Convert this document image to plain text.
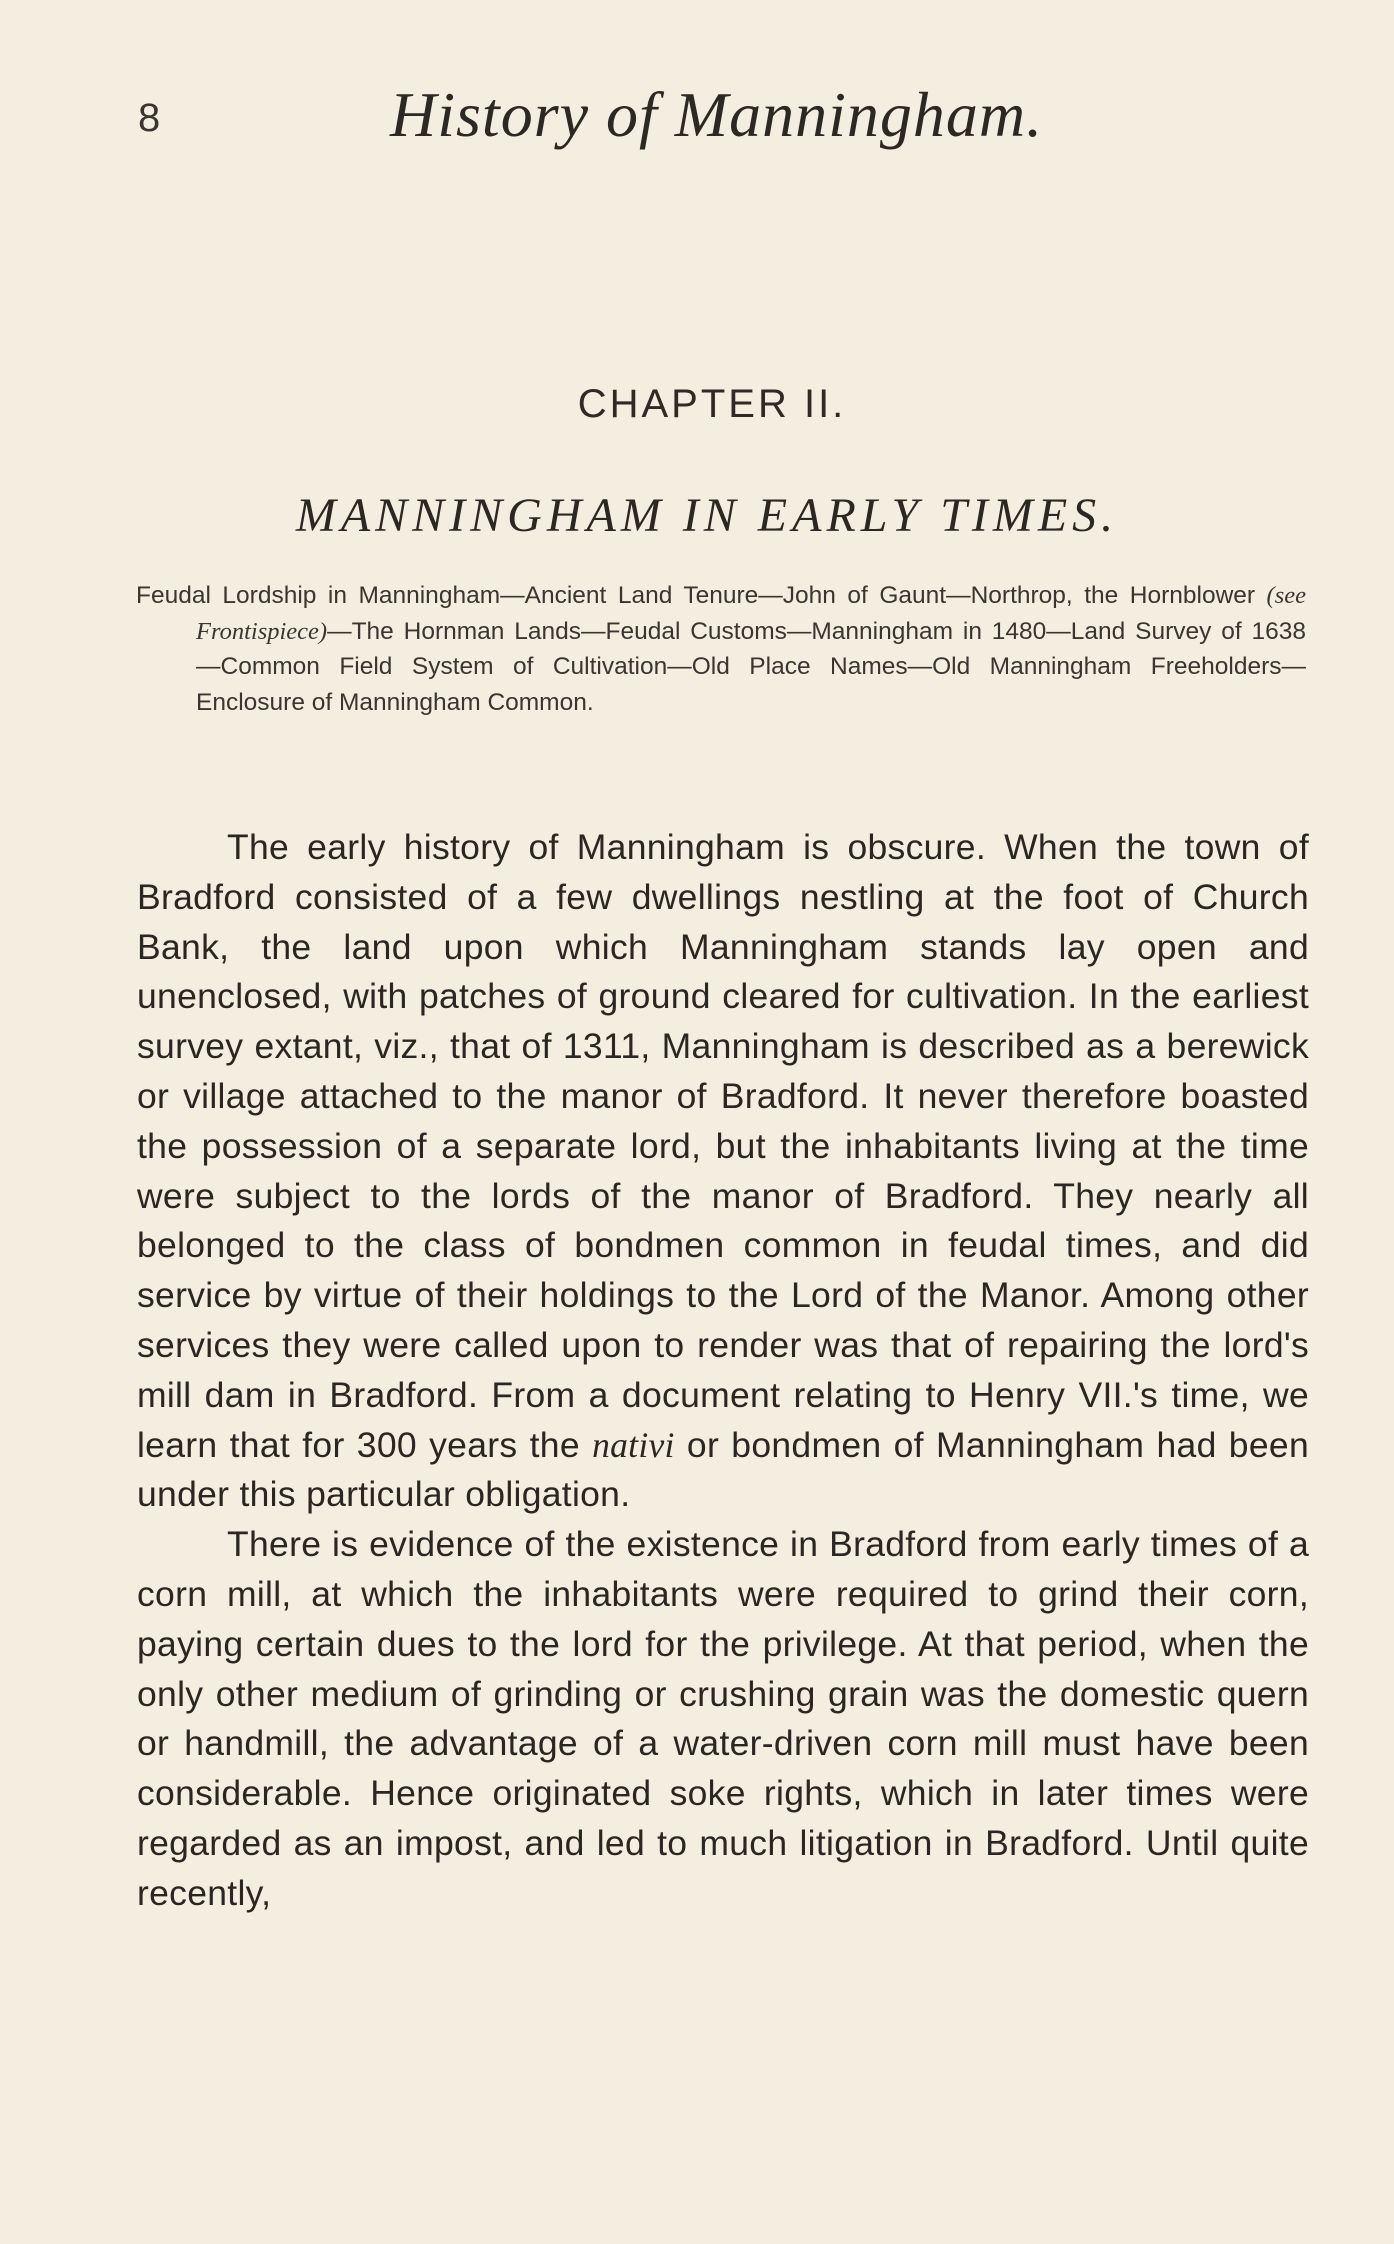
8	History of Manningham.
CHAPTER II.
MANNINGHAM IN EARLY TIMES.
Feudal Lordship in Manningham—Ancient Land Tenure—John of Gaunt—Northrop, the Hornblower (see Frontispiece)—The Hornman Lands—Feudal Customs—Manningham in 1480—Land Survey of 1638—Common Field System of Cultivation—Old Place Names—Old Manningham Freeholders—Enclosure of Manningham Common.

The early history of Manningham is obscure. When the town of Bradford consisted of a few dwellings nestling at the foot of Church Bank, the land upon which Manningham stands lay open and unenclosed, with patches of ground cleared for cultivation. In the earliest survey extant, viz., that of 1311, Manningham is described as a berewick or village attached to the manor of Bradford. It never therefore boasted the possession of a separate lord, but the inhabitants living at the time were subject to the lords of the manor of Bradford. They nearly all belonged to the class of bondmen common in feudal times, and did service by virtue of their holdings to the Lord of the Manor. Among other services they were called upon to render was that of repairing the lord's mill dam in Bradford. From a document relating to Henry VII.'s time, we learn that for 300 years the nativi or bondmen of Manningham had been under this particular obligation.

There is evidence of the existence in Bradford from early times of a corn mill, at which the inhabitants were required to grind their corn, paying certain dues to the lord for the privilege. At that period, when the only other medium of grinding or crushing grain was the domestic quern or handmill, the advantage of a water-driven corn mill must have been considerable. Hence originated soke rights, which in later times were regarded as an impost, and led to much litigation in Bradford. Until quite recently,
